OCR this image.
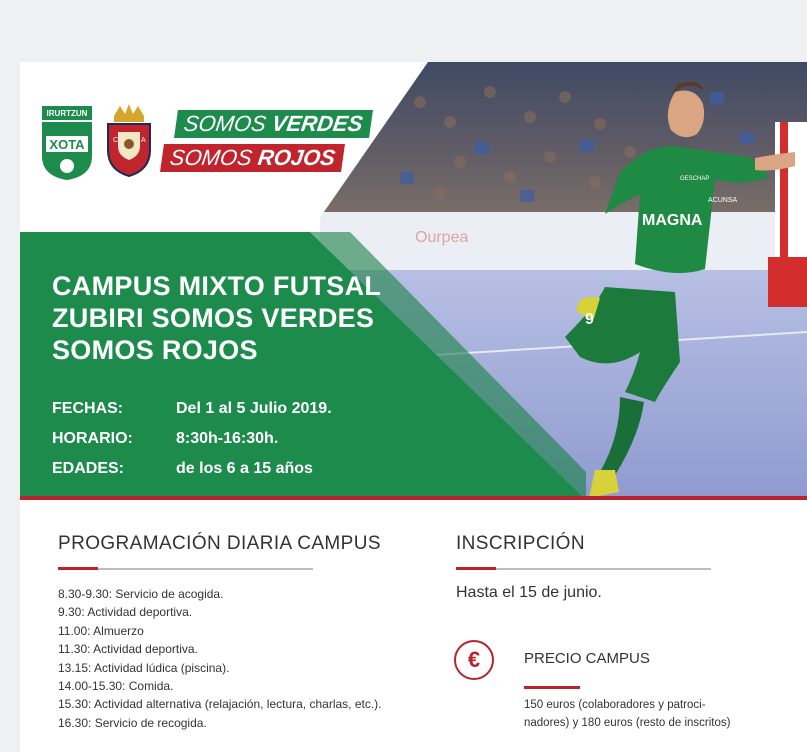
Ourpea
MAGNA
GESCHAP
ACUNSA
9
IRURTZUN
XOTA	C	A
SOMOS VERDES
SOMOS ROJOS
CAMPUS MIXTO FUTSAL
ZUBIRI SOMOS VERDES
SOMOS ROJOS
FECHAS:	Del 1 al 5 Julio 2019.
HORARIO:	8:30h-16:30h.
EDADES:	de los 6 a 15 años
PROGRAMACIÓN DIARIA CAMPUS
8.30-9.30: Servicio de acogida.
9.30: Actividad deportiva.
11.00: Almuerzo
11.30: Actividad deportiva.
13.15: Actividad lúdica (piscina).
14.00-15.30: Comida.
15.30: Actividad alternativa (relajación, lectura, charlas, etc.).
16.30: Servicio de recogida.
INSCRIPCIÓN
Hasta el 15 de junio.
€	PRECIO CAMPUS
150 euros (colaboradores y patroci-
nadores) y 180 euros (resto de inscritos)
